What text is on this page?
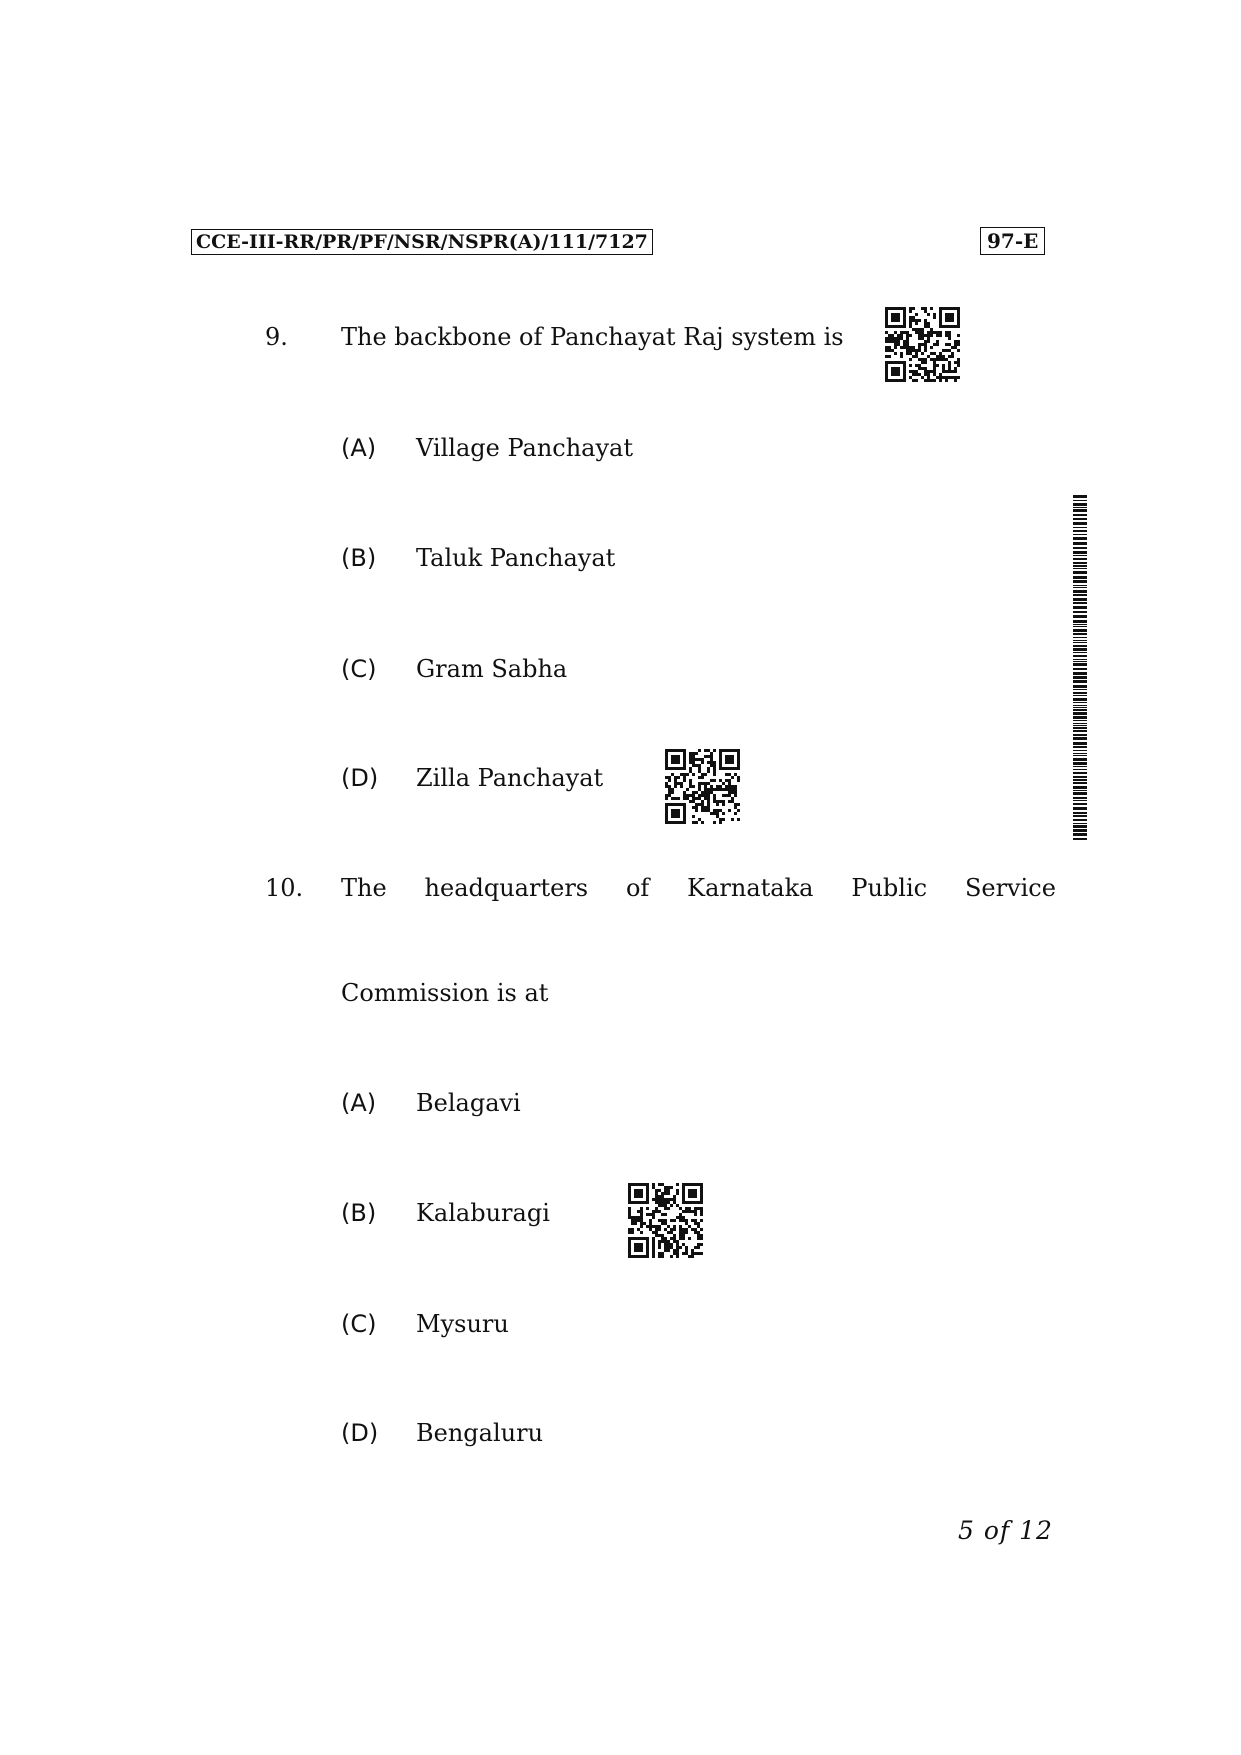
CCE-III-RR/PR/PF/NSR/NSPR(A)/111/7127	97-E
9. The backbone of Panchayat Raj system is
(A) Village Panchayat
(B) Taluk Panchayat
(C) Gram Sabha
(D) Zilla Panchayat
10. The headquarters of Karnataka Public Service
Commission is at
(A) Belagavi
(B) Kalaburagi
(C) Mysuru
(D) Bengaluru
5 of 12
